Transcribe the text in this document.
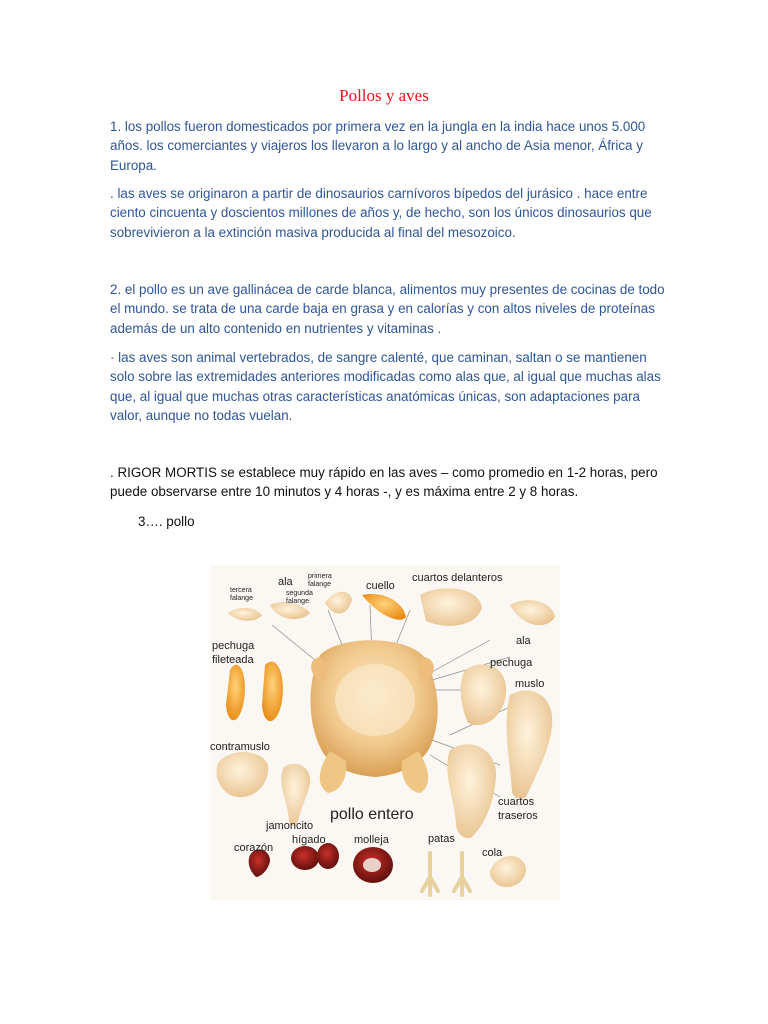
Pollos y aves

1. los pollos fueron domesticados por primera vez en la jungla en la india hace unos 5.000 años. los comerciantes y viajeros los llevaron a lo largo y al ancho de Asia menor, África y Europa.

. las aves se originaron a partir de dinosaurios carnívoros bípedos del jurásico . hace entre ciento cincuenta y doscientos millones de años y, de hecho, son los únicos dinosaurios que sobrevivieron a la extinción masiva producida al final del mesozoico.

2. el pollo es un ave gallinácea de carde blanca, alimentos muy presentes de cocinas de todo el mundo. se trata de una carde baja en grasa y en calorías y con altos niveles de proteínas además de un alto contenido en nutrientes y vitaminas .

· las aves son animal vertebrados, de sangre calenté, que caminan, saltan o se mantienen solo sobre las extremidades anteriores modificadas como alas que, al igual que muchas alas que, al igual que muchas otras características anatómicas únicas, son adaptaciones para valor, aunque no todas vuelan.

. RIGOR MORTIS se establece muy rápido en las aves – como promedio en 1-2 horas, pero puede observarse entre 10 minutos y 4 horas -, y es máxima entre 2 y 8 horas.

3…. pollo

tercera
falange
ala primera
falange
segunda
falange
cuello
cuartos delanteros
pechuga
fileteada
ala
pechuga
muslo
contramuslo
pollo entero
cuartos
traseros
jamoncito
hígado	molleja	patas
corazón	cola
